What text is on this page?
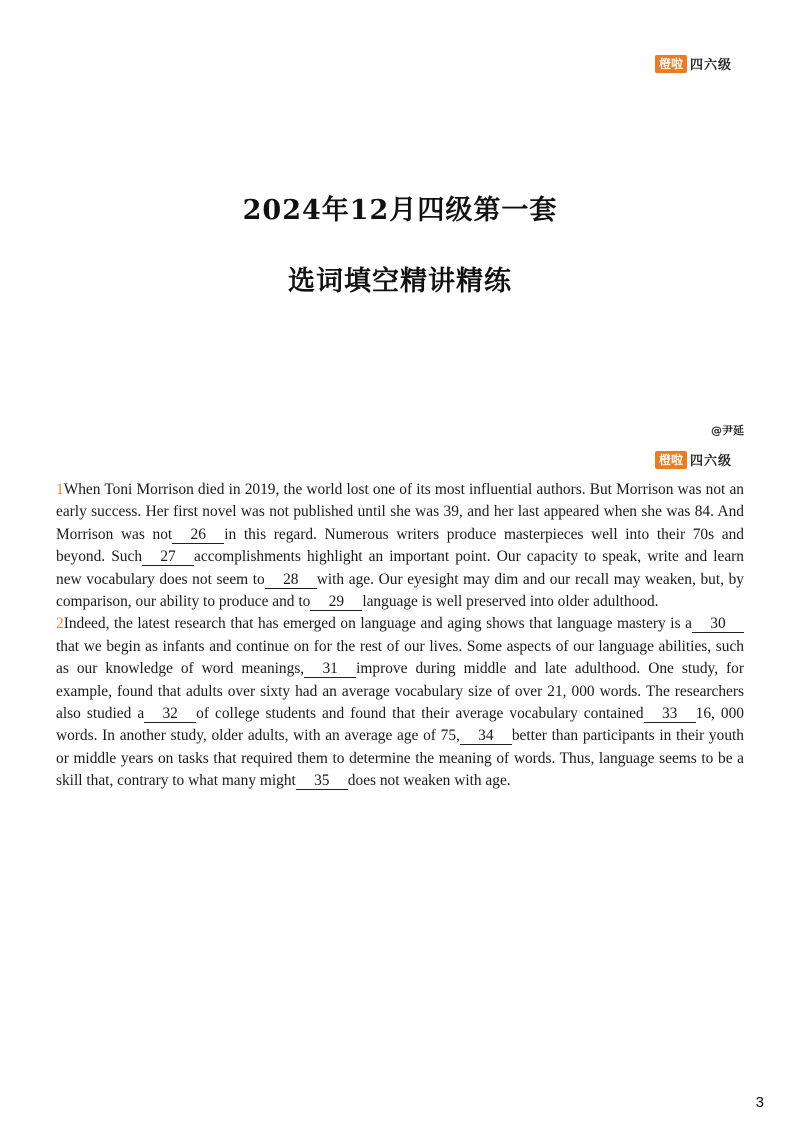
橙啦 四六级
2024年12月四级第一套
选词填空精讲精练
@尹延
橙啦 四六级

1When Toni Morrison died in 2019, the world lost one of its most influential authors. But Morrison was not an early success. Her first novel was not published until she was 39, and her last appeared when she was 84. And Morrison was not 26 in this regard. Numerous writers produce masterpieces well into their 70s and beyond. Such 27 accomplishments highlight an important point. Our capacity to speak, write and learn new vocabulary does not seem to 28 with age. Our eyesight may dim and our recall may weaken, but, by comparison, our ability to produce and to 29 language is well preserved into older adulthood.

2Indeed, the latest research that has emerged on language and aging shows that language mastery is a 30that we begin as infants and continue on for the rest of our lives. Some aspects of our language abilities, such as our knowledge of word meanings, 31 improve during middle and late adulthood. One study, for example, found that adults over sixty had an average vocabulary size of over 21, 000 words. The researchers also studied a 32 of college students and found that their average vocabulary contained 33 16, 000 words. In another study, older adults, with an average age of 75, 34 better than participants in their youth or middle years on tasks that required them to determine the meaning of words. Thus, language seems to be a skill that, contrary to what many might 35 does not weaken with age.

3
